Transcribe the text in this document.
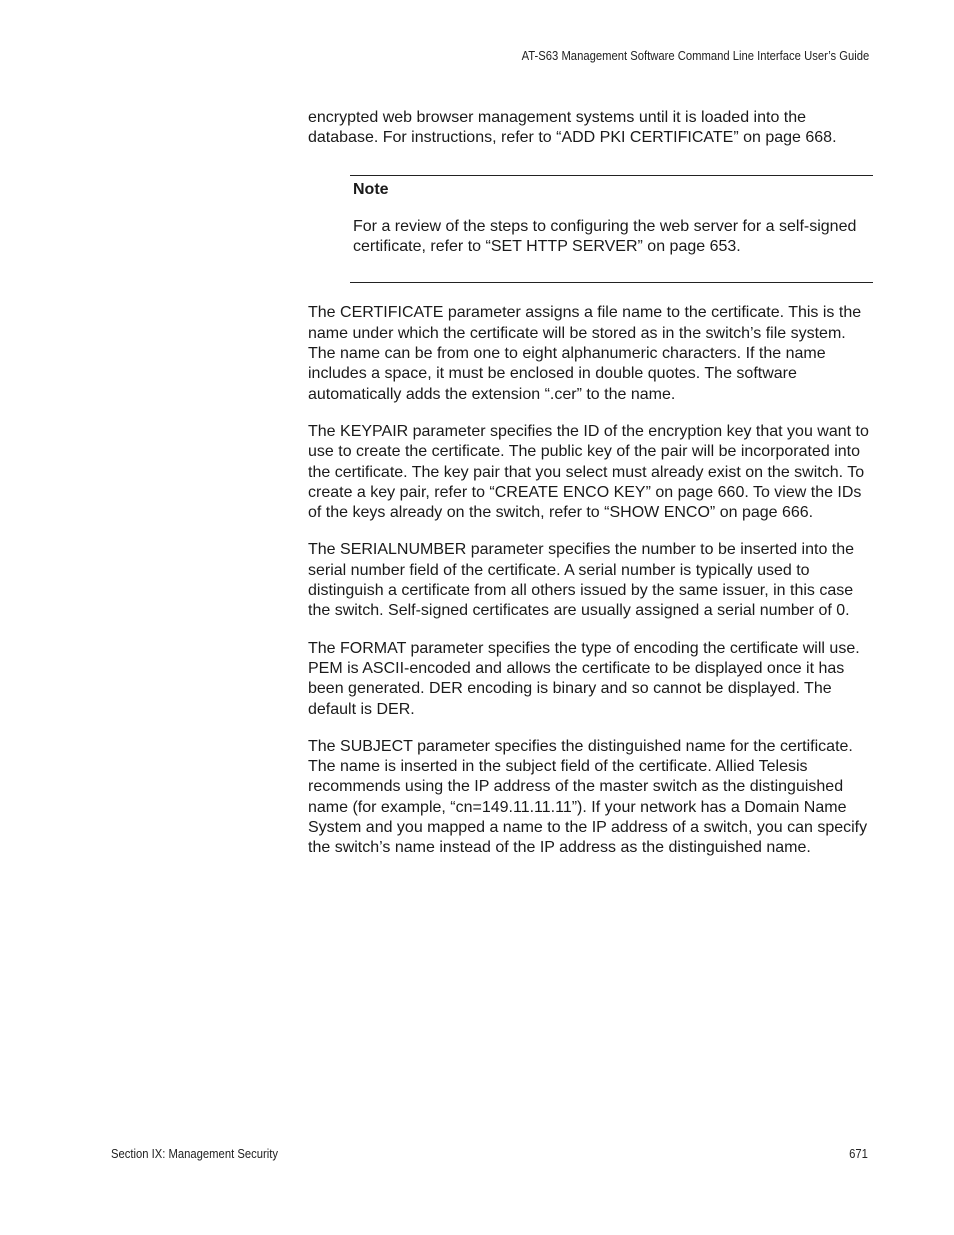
AT-S63 Management Software Command Line Interface User’s Guide

encrypted web browser management systems until it is loaded into the database. For instructions, refer to “ADD PKI CERTIFICATE” on page 668.

Note

For a review of the steps to configuring the web server for a self-signed certificate, refer to “SET HTTP SERVER” on page 653.

The CERTIFICATE parameter assigns a file name to the certificate. This is the name under which the certificate will be stored as in the switch’s file system. The name can be from one to eight alphanumeric characters. If the name includes a space, it must be enclosed in double quotes. The software automatically adds the extension “.cer” to the name.

The KEYPAIR parameter specifies the ID of the encryption key that you want to use to create the certificate. The public key of the pair will be incorporated into the certificate. The key pair that you select must already exist on the switch. To create a key pair, refer to “CREATE ENCO KEY” on page 660. To view the IDs of the keys already on the switch, refer to “SHOW ENCO” on page 666.

The SERIALNUMBER parameter specifies the number to be inserted into the serial number field of the certificate. A serial number is typically used to distinguish a certificate from all others issued by the same issuer, in this case the switch. Self-signed certificates are usually assigned a serial number of 0.

The FORMAT parameter specifies the type of encoding the certificate will use. PEM is ASCII-encoded and allows the certificate to be displayed once it has been generated. DER encoding is binary and so cannot be displayed. The default is DER.

The SUBJECT parameter specifies the distinguished name for the certificate. The name is inserted in the subject field of the certificate. Allied Telesis recommends using the IP address of the master switch as the distinguished name (for example, “cn=149.11.11.11”). If your network has a Domain Name System and you mapped a name to the IP address of a switch, you can specify the switch’s name instead of the IP address as the distinguished name.

Section IX: Management Security	671
